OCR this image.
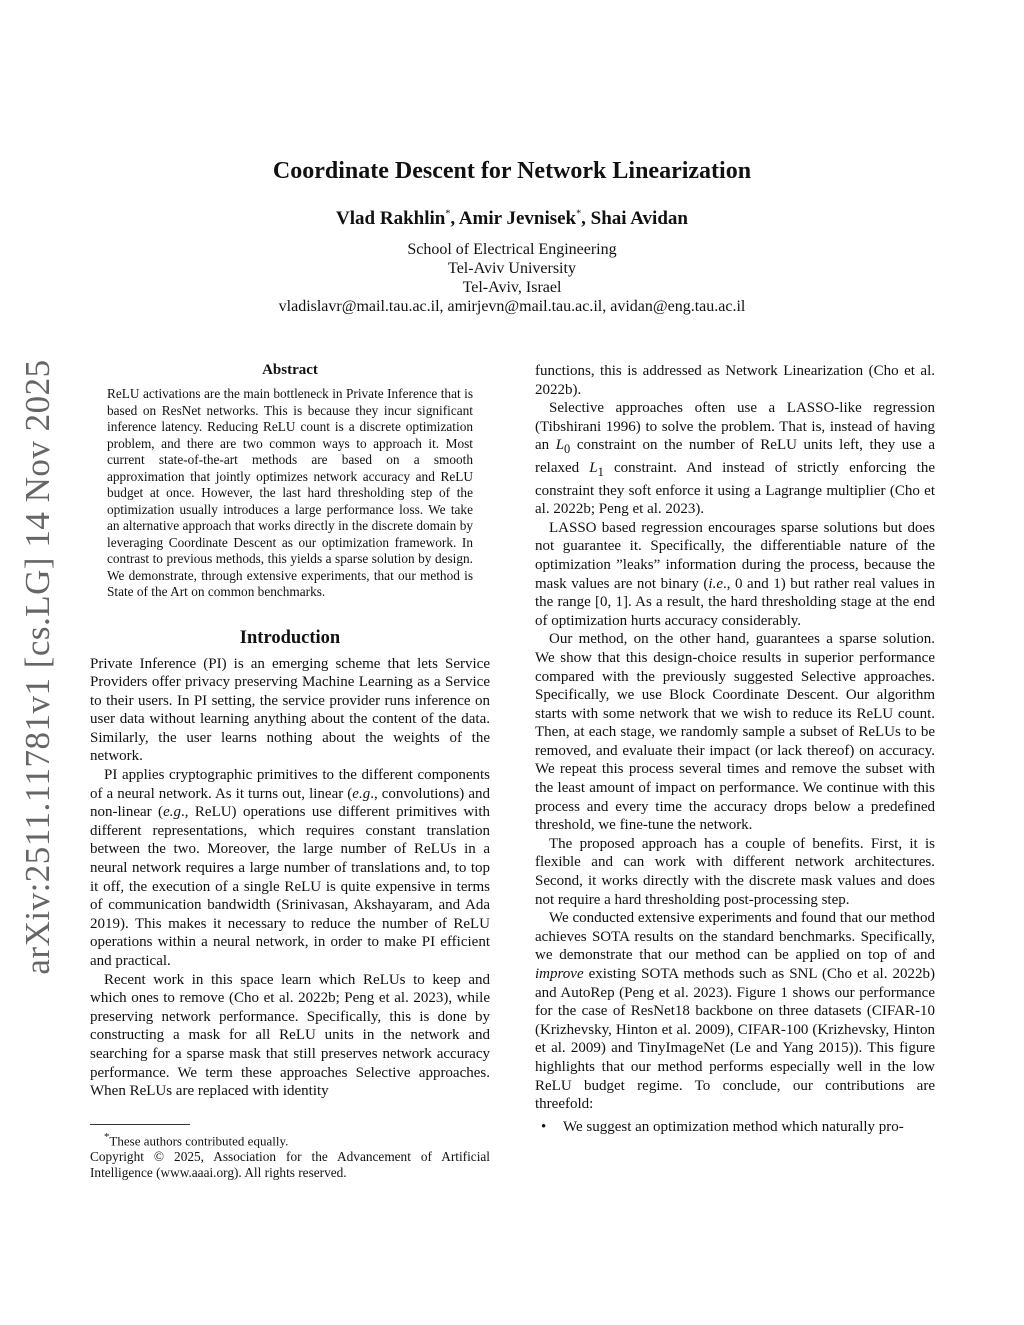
arXiv:2511.11781v1 [cs.LG] 14 Nov 2025
Coordinate Descent for Network Linearization
Vlad Rakhlin*, Amir Jevnisek*, Shai Avidan
School of Electrical Engineering
Tel-Aviv University
Tel-Aviv, Israel
vladislavr@mail.tau.ac.il, amirjevn@mail.tau.ac.il, avidan@eng.tau.ac.il
Abstract
ReLU activations are the main bottleneck in Private Inference that is based on ResNet networks. This is because they incur significant inference latency. Reducing ReLU count is a discrete optimization problem, and there are two common ways to approach it. Most current state-of-the-art methods are based on a smooth approximation that jointly optimizes network accuracy and ReLU budget at once. However, the last hard thresholding step of the optimization usually introduces a large performance loss. We take an alternative approach that works directly in the discrete domain by leveraging Coordinate Descent as our optimization framework. In contrast to previous methods, this yields a sparse solution by design. We demonstrate, through extensive experiments, that our method is State of the Art on common benchmarks.
Introduction

Private Inference (PI) is an emerging scheme that lets Service Providers offer privacy preserving Machine Learning as a Service to their users. In PI setting, the service provider runs inference on user data without learning anything about the content of the data. Similarly, the user learns nothing about the weights of the network.

PI applies cryptographic primitives to the different components of a neural network. As it turns out, linear (e.g., convolutions) and non-linear (e.g., ReLU) operations use different primitives with different representations, which requires constant translation between the two. Moreover, the large number of ReLUs in a neural network requires a large number of translations and, to top it off, the execution of a single ReLU is quite expensive in terms of communication bandwidth (Srinivasan, Akshayaram, and Ada 2019). This makes it necessary to reduce the number of ReLU operations within a neural network, in order to make PI efficient and practical.

Recent work in this space learn which ReLUs to keep and which ones to remove (Cho et al. 2022b; Peng et al. 2023), while preserving network performance. Specifically, this is done by constructing a mask for all ReLU units in the network and searching for a sparse mask that still preserves network accuracy performance. We term these approaches Selective approaches. When ReLUs are replaced with identity

*These authors contributed equally.
Copyright © 2025, Association for the Advancement of Artificial Intelligence (www.aaai.org). All rights reserved.

functions, this is addressed as Network Linearization (Cho et al. 2022b).

Selective approaches often use a LASSO-like regression (Tibshirani 1996) to solve the problem. That is, instead of having an $L_0$ constraint on the number of ReLU units left, they use a relaxed $L_1$ constraint. And instead of strictly enforcing the constraint they soft enforce it using a Lagrange multiplier (Cho et al. 2022b; Peng et al. 2023).

LASSO based regression encourages sparse solutions but does not guarantee it. Specifically, the differentiable nature of the optimization ”leaks” information during the process, because the mask values are not binary (i.e., 0 and 1) but rather real values in the range [0, 1]. As a result, the hard thresholding stage at the end of optimization hurts accuracy considerably.

Our method, on the other hand, guarantees a sparse solution. We show that this design-choice results in superior performance compared with the previously suggested Selective approaches. Specifically, we use Block Coordinate Descent. Our algorithm starts with some network that we wish to reduce its ReLU count. Then, at each stage, we randomly sample a subset of ReLUs to be removed, and evaluate their impact (or lack thereof) on accuracy. We repeat this process several times and remove the subset with the least amount of impact on performance. We continue with this process and every time the accuracy drops below a predefined threshold, we fine-tune the network.

The proposed approach has a couple of benefits. First, it is flexible and can work with different network architectures. Second, it works directly with the discrete mask values and does not require a hard thresholding post-processing step.

We conducted extensive experiments and found that our method achieves SOTA results on the standard benchmarks. Specifically, we demonstrate that our method can be applied on top of and improve existing SOTA methods such as SNL (Cho et al. 2022b) and AutoRep (Peng et al. 2023). Figure 1 shows our performance for the case of ResNet18 backbone on three datasets (CIFAR-10 (Krizhevsky, Hinton et al. 2009), CIFAR-100 (Krizhevsky, Hinton et al. 2009) and TinyImageNet (Le and Yang 2015)). This figure highlights that our method performs especially well in the low ReLU budget regime. To conclude, our contributions are threefold:

•	We suggest an optimization method which naturally pro-
